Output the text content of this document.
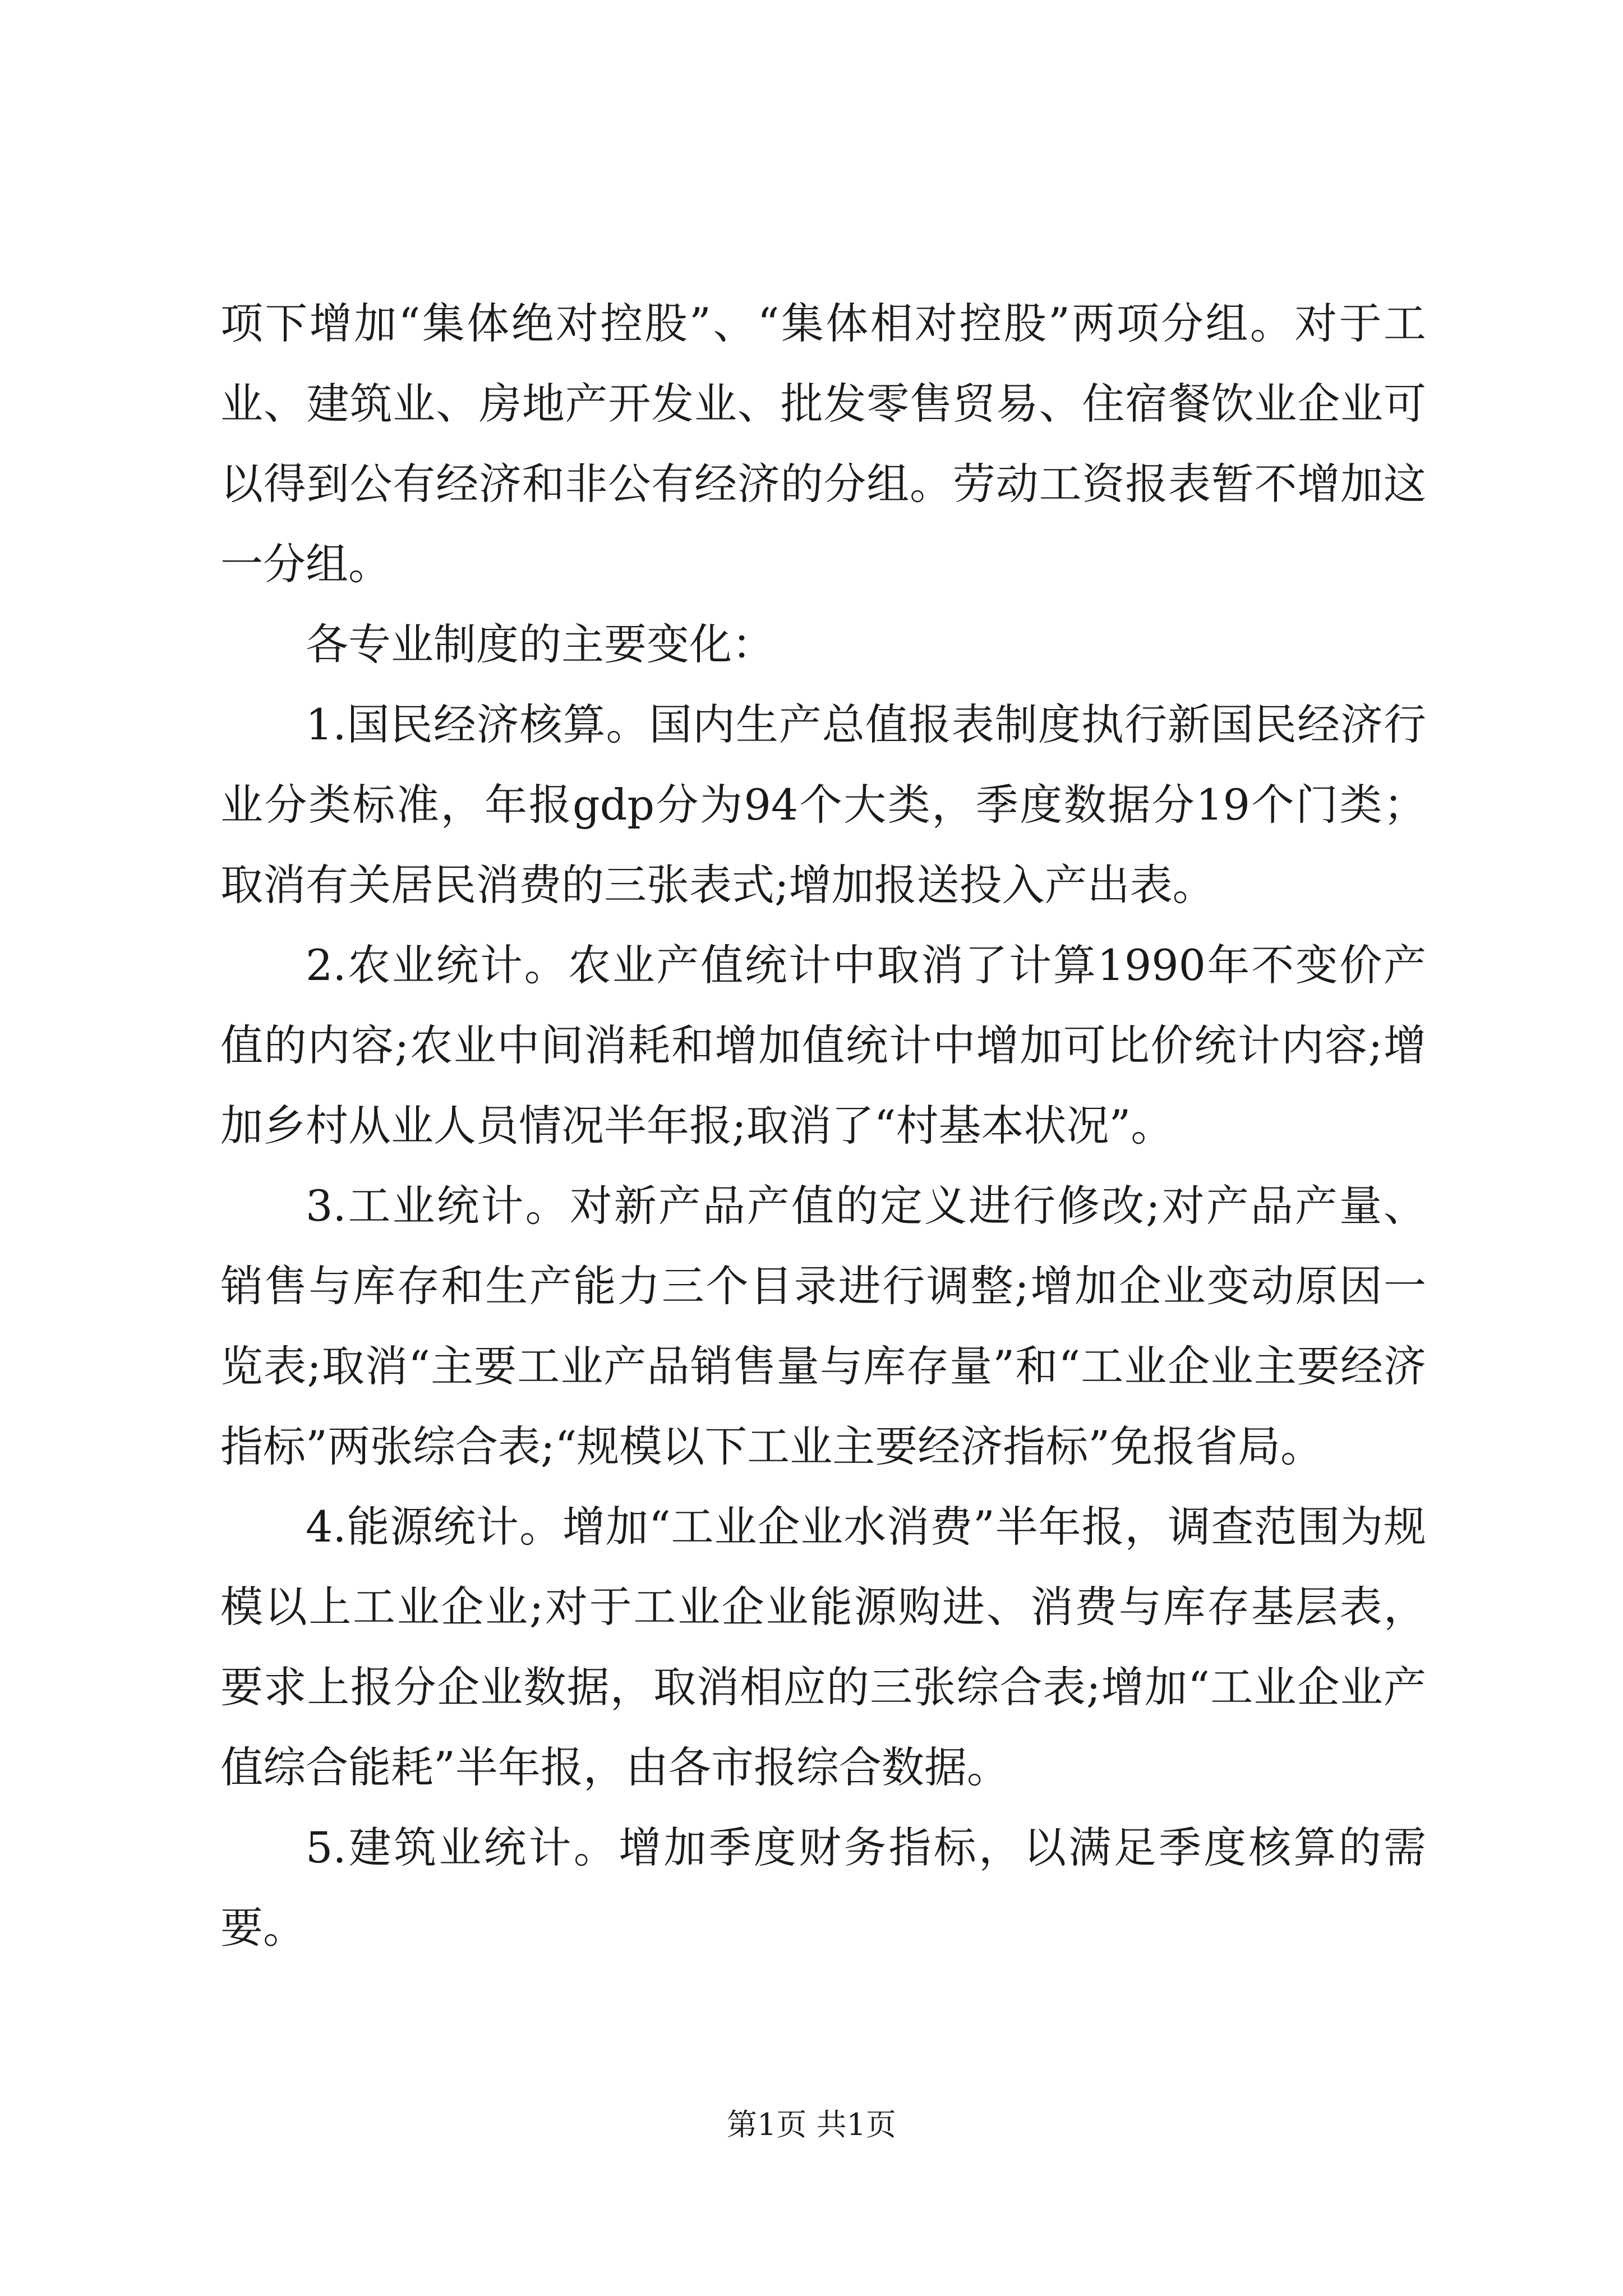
项下增加“集体绝对控股”、“集体相对控股”两项分组。对于工业、建筑业、房地产开发业、批发零售贸易、住宿餐饮业企业可以得到公有经济和非公有经济的分组。劳动工资报表暂不增加这一分组。

各专业制度的主要变化：

1.国民经济核算。国内生产总值报表制度执行新国民经济行业分类标准，年报gdp分为94个大类，季度数据分19个门类；取消有关居民消费的三张表式;增加报送投入产出表。

2.农业统计。农业产值统计中取消了计算1990年不变价产值的内容;农业中间消耗和增加值统计中增加可比价统计内容;增加乡村从业人员情况半年报;取消了“村基本状况”。

3.工业统计。对新产品产值的定义进行修改;对产品产量、销售与库存和生产能力三个目录进行调整;增加企业变动原因一览表;取消“主要工业产品销售量与库存量”和“工业企业主要经济指标”两张综合表;“规模以下工业主要经济指标”免报省局。

4.能源统计。增加“工业企业水消费”半年报，调查范围为规模以上工业企业;对于工业企业能源购进、消费与库存基层表，要求上报分企业数据，取消相应的三张综合表;增加“工业企业产值综合能耗”半年报，由各市报综合数据。

5.建筑业统计。增加季度财务指标，以满足季度核算的需要。

第1页 共1页
